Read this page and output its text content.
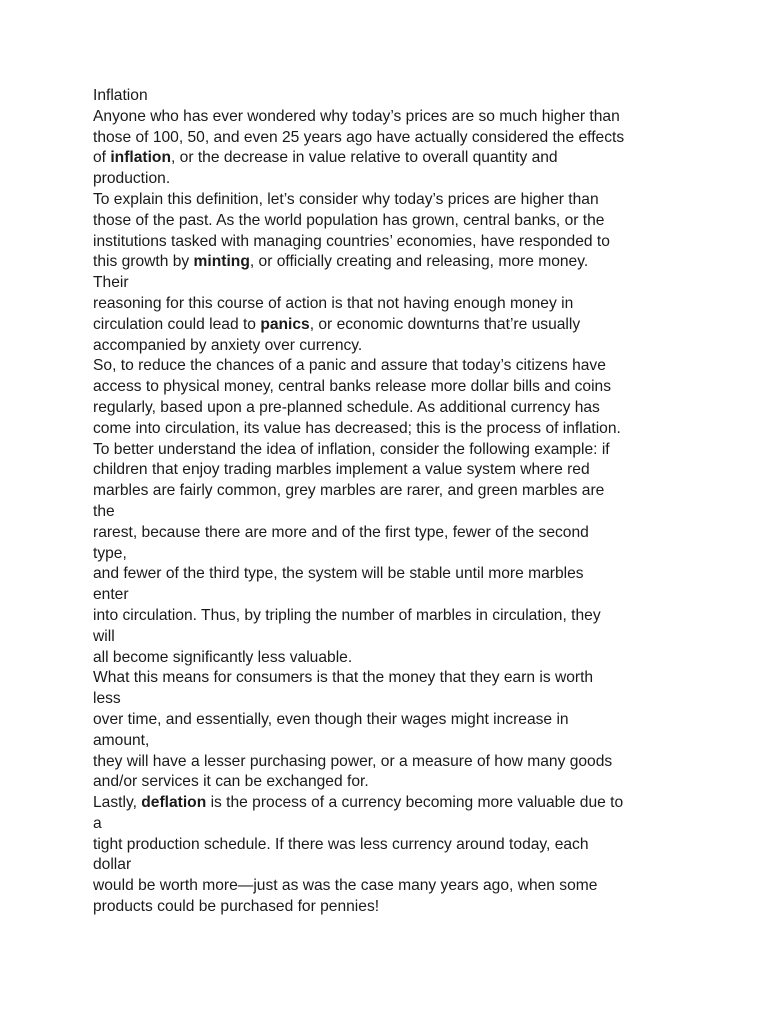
Inflation
Anyone who has ever wondered why today’s prices are so much higher than
those of 100, 50, and even 25 years ago have actually considered the effects
of inflation, or the decrease in value relative to overall quantity and
production.
To explain this definition, let’s consider why today’s prices are higher than
those of the past. As the world population has grown, central banks, or the
institutions tasked with managing countries’ economies, have responded to
this growth by minting, or officially creating and releasing, more money.
Their
reasoning for this course of action is that not having enough money in
circulation could lead to panics, or economic downturns that’re usually
accompanied by anxiety over currency.
So, to reduce the chances of a panic and assure that today’s citizens have
access to physical money, central banks release more dollar bills and coins
regularly, based upon a pre-planned schedule. As additional currency has
come into circulation, its value has decreased; this is the process of inflation.
To better understand the idea of inflation, consider the following example: if
children that enjoy trading marbles implement a value system where red
marbles are fairly common, grey marbles are rarer, and green marbles are
the
rarest, because there are more and of the first type, fewer of the second
type,
and fewer of the third type, the system will be stable until more marbles
enter
into circulation. Thus, by tripling the number of marbles in circulation, they
will
all become significantly less valuable.
What this means for consumers is that the money that they earn is worth
less
over time, and essentially, even though their wages might increase in
amount,
they will have a lesser purchasing power, or a measure of how many goods
and/or services it can be exchanged for.
Lastly, deflation is the process of a currency becoming more valuable due to
a
tight production schedule. If there was less currency around today, each
dollar
would be worth more—just as was the case many years ago, when some
products could be purchased for pennies!
